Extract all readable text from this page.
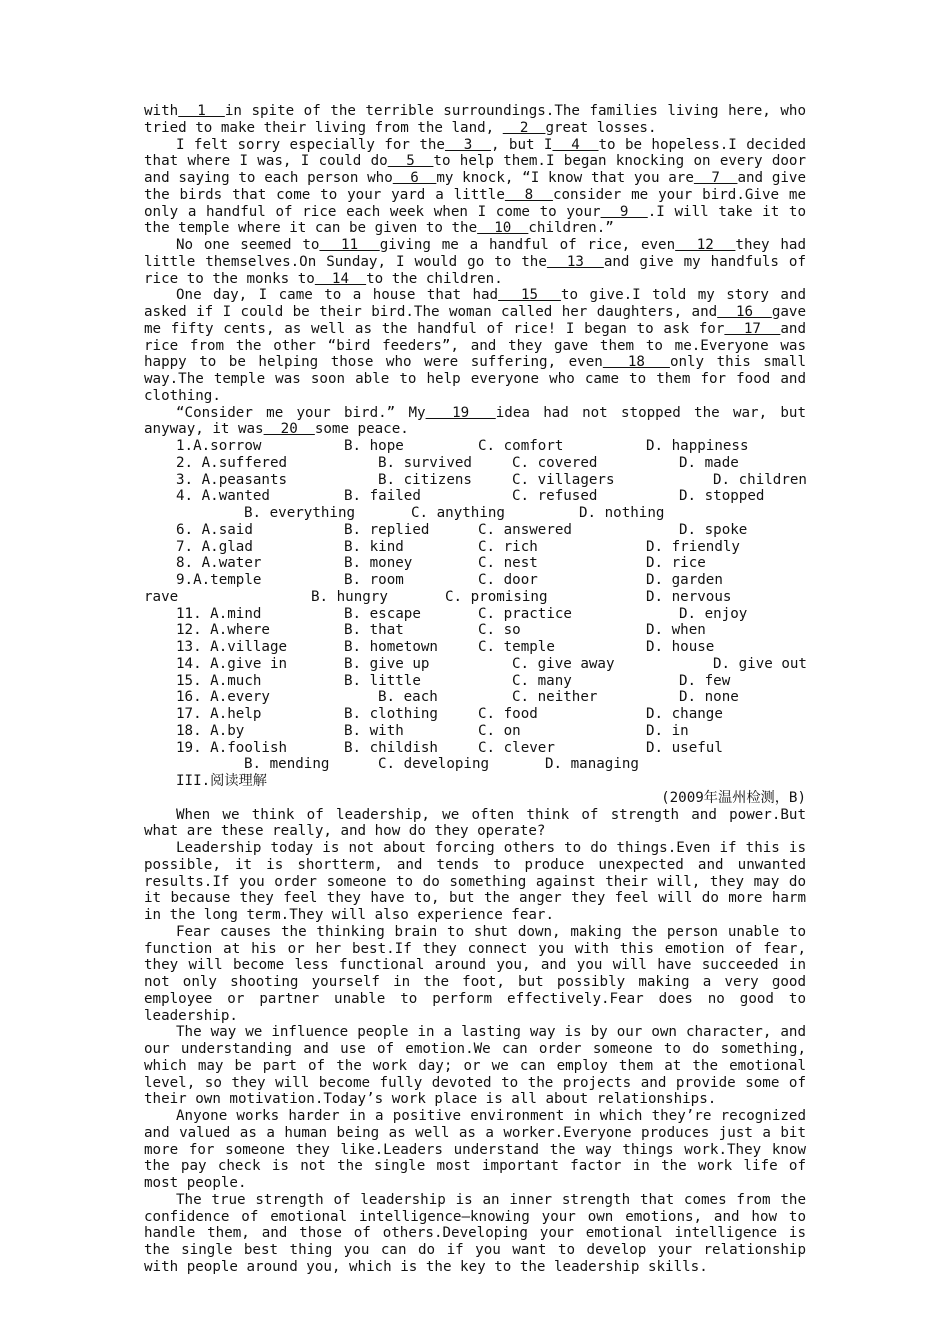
with  1  in spite of the terrible surroundings.The families living here, who tried to make their living from the land,   2  great losses.

I felt sorry especially for the  3  , but I  4  to be hopeless.I decided that where I was, I could do  5  to help them.I began knocking on every door and saying to each person who  6  my knock, “I know that you are  7  and give the birds that come to your yard a little  8  consider me your bird.Give me only a handful of rice each week when I come to your  9  .I will take it to the temple where it can be given to the  10  children.”

No one seemed to  11  giving me a handful of rice, even  12  they had little themselves.On Sunday, I would go to the  13  and give my handfuls of rice to the monks to  14  to the children.

One day, I came to a house that had  15  to give.I told my story and asked if I could be their bird.The woman called her daughters, and  16  gave me fifty cents, as well as the handful of rice! I began to ask for  17  and rice from the other “bird feeders”, and they gave them to me.Everyone was happy to be helping those who were suffering, even  18  only this small way.The temple was soon able to help everyone who came to them for food and clothing.

“Consider me your bird.” My  19  idea had not stopped the war, but anyway, it was  20  some peace.

1.A.sorrow	B. hope	C. comfort	D. happiness
2. A.suffered	B. survived	C. covered	D. made
3. A.peasants	B. citizens	C. villagers	D. children
4. A.wanted	B. failed	C. refused	D. stopped
B. everything	C. anything	D. nothing
6. A.said	B. replied	C. answered	D. spoke
7. A.glad	B. kind	C. rich	D. friendly
8. A.water	B. money	C. nest	D. rice
9.A.temple	B. room	C. door	D. garden
rave	B. hungry	C. promising	D. nervous
11. A.mind	B. escape	C. practice	D. enjoy
12. A.where	B. that	C. so	D. when
13. A.village	B. hometown	C. temple	D. house
14. A.give in	B. give up	C. give away	D. give out
15. A.much	B. little	C. many	D. few
16. A.every	B. each	C. neither	D. none
17. A.help	B. clothing	C. food	D. change
18. A.by	B. with	C. on	D. in
19. A.foolish	B. childish	C. clever	D. useful
B. mending	C. developing	D. managing

III.阅读理解

(2009年温州检测，B)

When we think of leadership, we often think of strength and power.But what are these really, and how do they operate?

Leadership today is not about forcing others to do things.Even if this is possible, it is shortterm, and tends to produce unexpected and unwanted results.If you order someone to do something against their will, they may do it because they feel they have to, but the anger they feel will do more harm in the long term.They will also experience fear.

Fear causes the thinking brain to shut down, making the person unable to function at his or her best.If they connect you with this emotion of fear, they will become less functional around you, and you will have succeeded in not only shooting yourself in the foot, but possibly making a very good employee or partner unable to perform effectively.Fear does no good to leadership.

The way we influence people in a lasting way is by our own character, and our understanding and use of emotion.We can order someone to do something, which may be part of the work day; or we can employ them at the emotional level, so they will become fully devoted to the projects and provide some of their own motivation.Today’s work place is all about relationships.

Anyone works harder in a positive environment in which they’re recognized and valued as a human being as well as a worker.Everyone produces just a bit more for someone they like.Leaders understand the way things work.They know the pay check is not the single most important factor in the work life of most people.

The true strength of leadership is an inner strength that comes from the confidence of emotional intelligence—knowing your own emotions, and how to handle them, and those of others.Developing your emotional intelligence is the single best thing you can do if you want to develop your relationship with people around you, which is the key to the leadership skills.
